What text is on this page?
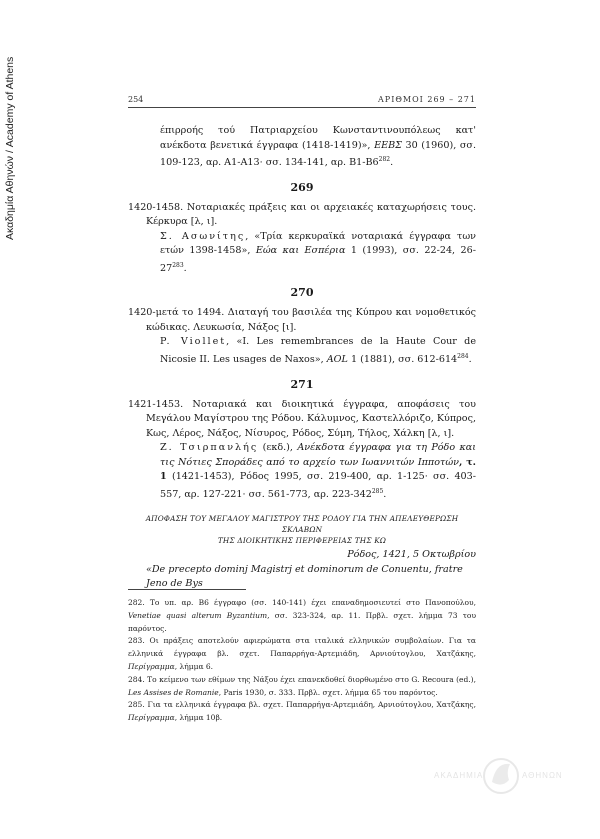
Ακαδημία Αθηνών / Academy of Athens	254	ΑΡΙΘΜΟΙ 269 – 271

έπιρροής τού Πατριαρχείου Κωνσταντινουπόλεως κατ' ανέκδοτα βενετικά έγγραφα (1418-1419)», ΕΕΒΣ 30 (1960), σσ. 109-123, αρ. Α1-Α13· σσ. 134-141, αρ. $B1-B6^{282}$.

269

1420-1458. Νοταριακές πράξεις και οι αρχειακές καταχωρήσεις τους. Κέρκυρα [λ, ι].

Σ. Ασωνίτης, «Τρία κερκυραϊκά νοταριακά έγγραφα των ετών 1398-1458», Εώα και Εσπέρια 1 (1993), σσ. 22-24, $26-27^{283}$.

270

1420-μετά το 1494. Διαταγή του βασιλέα της Κύπρου και νομοθετικός κώδικας. Λευκωσία, Νάξος [ι].

P. Viollet, «I. Les remembrances de la Haute Cour de Nicosie II. Les usages de Naxos», AOL 1 (1881), σσ. $612-614^{284}$.

271

1421-1453. Νοταριακά και διοικητικά έγγραφα, αποφάσεις του Μεγάλου Μαγίστρου της Ρόδου. Κάλυμνος, Καστελλόριζο, Κύπρος, Κως, Λέρος, Νάξος, Νίσυρος, Ρόδος, Σύμη, Τήλος, Χάλκη [λ, ι].

Ζ. Τσιρπανλής (εκδ.), Ανέκδοτα έγγραφα για τη Ρόδο και τις Νότιες Σποράδες από το αρχείο των Ιωαννιτών Ιπποτών, τ. 1 (1421-1453), Ρόδος 1995, σσ. 219-400, αρ. 1-125· σσ. 403-557, αρ. 127-221· σσ. 561-773, αρ. $223-342^{285}$.

ΑΠΟΦΑΣΗ ΤΟΥ ΜΕΓΑΛΟΥ ΜΑΓΙΣΤΡΟΥ ΤΗΣ ΡΟΔΟΥ ΓΙΑ ΤΗΝ ΑΠΕΛΕΥΘΕΡΩΣΗ ΣΚΛΑΒΩΝ
ΤΗΣ ΔΙΟΙΚΗΤΙΚΗΣ ΠΕΡΙΦΕΡΕΙΑΣ ΤΗΣ ΚΩ
Ρόδος, 1421, 5 Οκτωβρίου
«De precepto dominj Magistrj et dominorum de Conuentu, fratre Jeno de Bys

282. Το υπ. αρ. Β6 έγγραφο (σσ. 140-141) έχει επαναδημοσιευτεί στο Πανοπούλου, Venetiae quasi alterum Byzantium, σσ. 323-324, αρ. 11. Πρβλ. σχετ. λήμμα 73 του παρόντος.

283. Οι πράξεις αποτελούν αφιερώματα στα ιταλικά ελληνικών συμβολαίων. Για τα ελληνικά έγγραφα βλ. σχετ. Παπαρρήγα-Αρτεμιάδη, Αρνιούτογλου, Χατζάκης, Περίγραμμα, λήμμα 6.

284. Το κείμενο των εθίμων της Νάξου έχει επανεκδοθεί διορθωμένο στο G. Recoura (ed.), Les Assises de Romanie, Paris 1930, σ. 333. Πρβλ. σχετ. λήμμα 65 του παρόντος.

285. Για τα ελληνικά έγγραφα βλ. σχετ. Παπαρρήγα-Αρτεμιάδη, Αρνιούτογλου, Χατζάκης, Περίγραμμα, λήμμα 10β.

ΑΚΑΔΗΜΙΑ	ΑΘΗΝΩΝ
